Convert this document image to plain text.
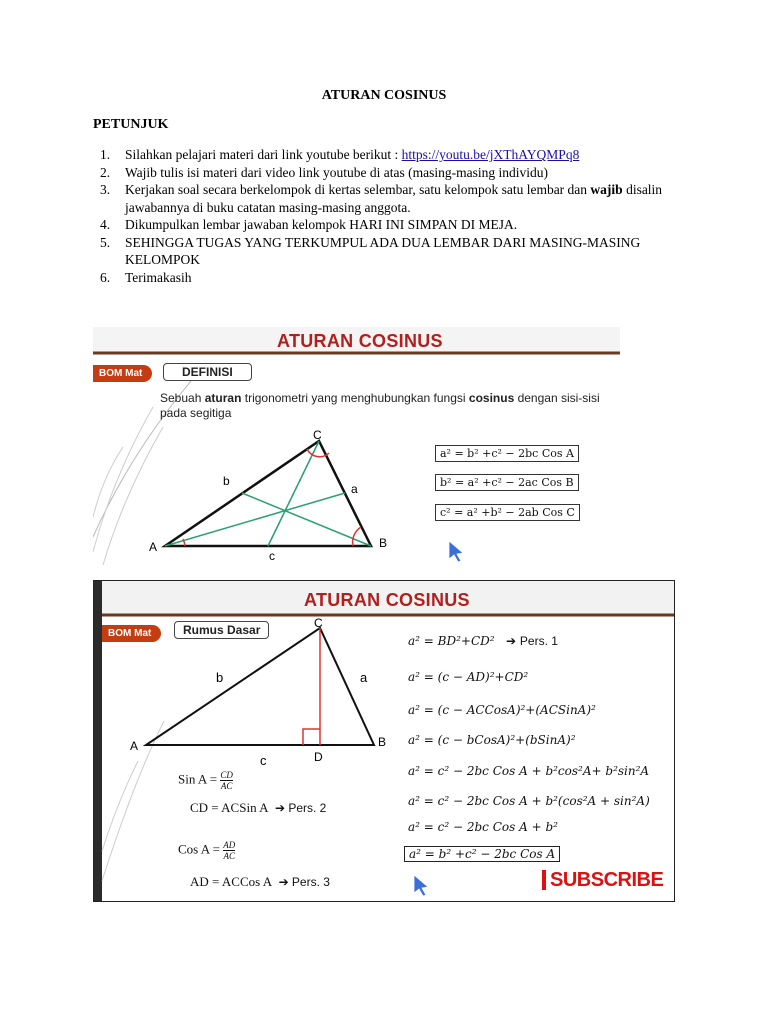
ATURAN COSINUS
PETUNJUK
1. Silahkan pelajari materi dari link youtube berikut : https://youtu.be/jXThAYQMPq8
2. Wajib tulis isi materi dari video link youtube di atas (masing-masing individu)
3. Kerjakan soal secara berkelompok di kertas selembar, satu kelompok satu lembar dan wajib disalin jawabannya di buku catatan masing-masing anggota.
4. Dikumpulkan lembar jawaban kelompok HARI INI SIMPAN DI MEJA.
5. SEHINGGA TUGAS YANG TERKUMPUL ADA DUA LEMBAR DARI MASING-MASING KELOMPOK
6. Terimakasih
A	B
C
a
b
c
ATURAN COSINUS
BOM Mat	DEFINISI
Sebuah aturan trigonometri yang menghubungkan fungsi cosinus dengan sisi-sisi pada segitiga
a² = b² +c² − 2bc Cos A
b² = a² +c² − 2ac Cos B
c² = a² +b² − 2ab Cos C
A	B
C
D
a
b
c
ATURAN COSINUS
BOM Mat	Rumus Dasar
Sin $A = \frac{CD}{AC}$
CD = ACSin A ➔ Pers. 2
Cos $A = \frac{AD}{AC}$
AD = ACCos A ➔ Pers. 3
a² = BD²+CD² ➔ Pers. 1
a² = (c − AD)²+CD²
a² = (c − ACCosA)²+(ACSinA)²
a² = (c − bCosA)²+(bSinA)²
a² = c² − 2bc Cos A + b²cos²A+ b²sin²A
a² = c² − 2bc Cos A + b²(cos²A + sin²A)
a² = c² − 2bc Cos A + b²
a² = b² +c² − 2bc Cos A
SUBSCRIBE
